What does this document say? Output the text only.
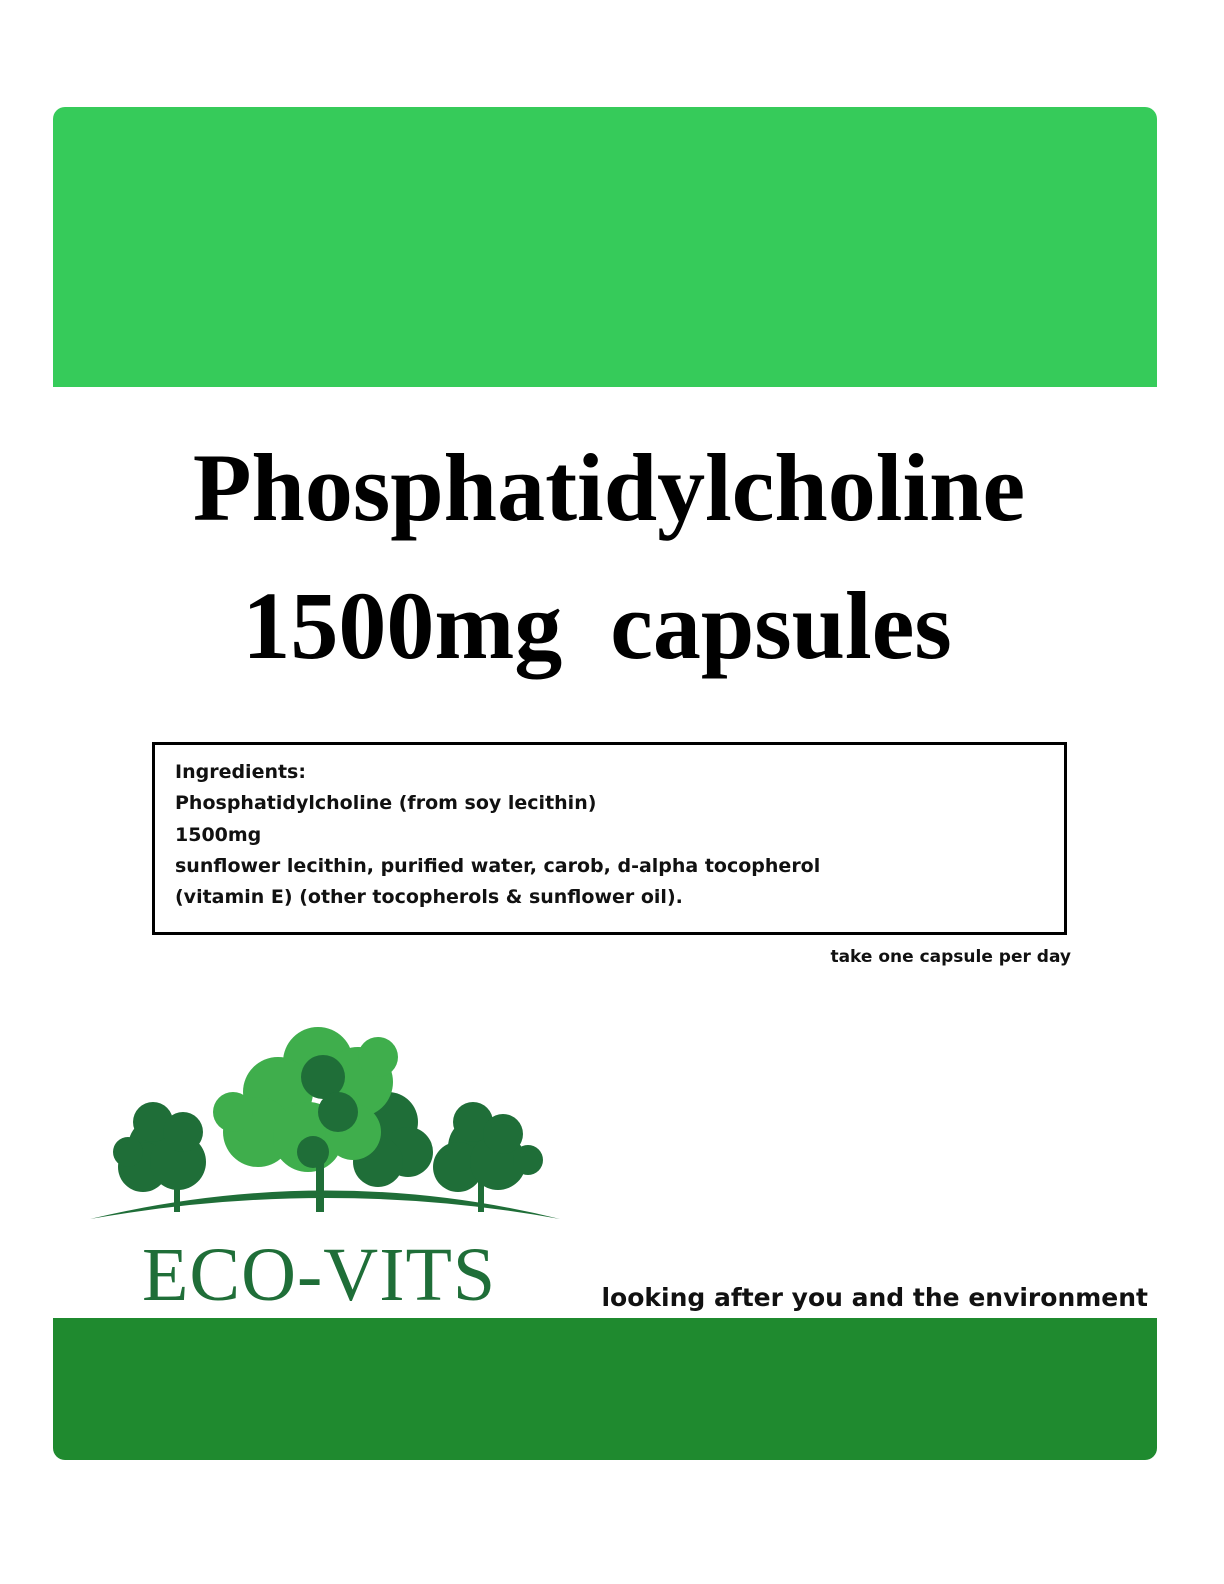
Phosphatidylcholine
1500mg  capsules
Ingredients:
Phosphatidylcholine (from soy lecithin)
1500mg
sunflower lecithin, purified water, carob, d-alpha tocopherol
(vitamin E) (other tocopherols & sunflower oil).
take one capsule per day
ECO-VITS	looking after you and the environment
